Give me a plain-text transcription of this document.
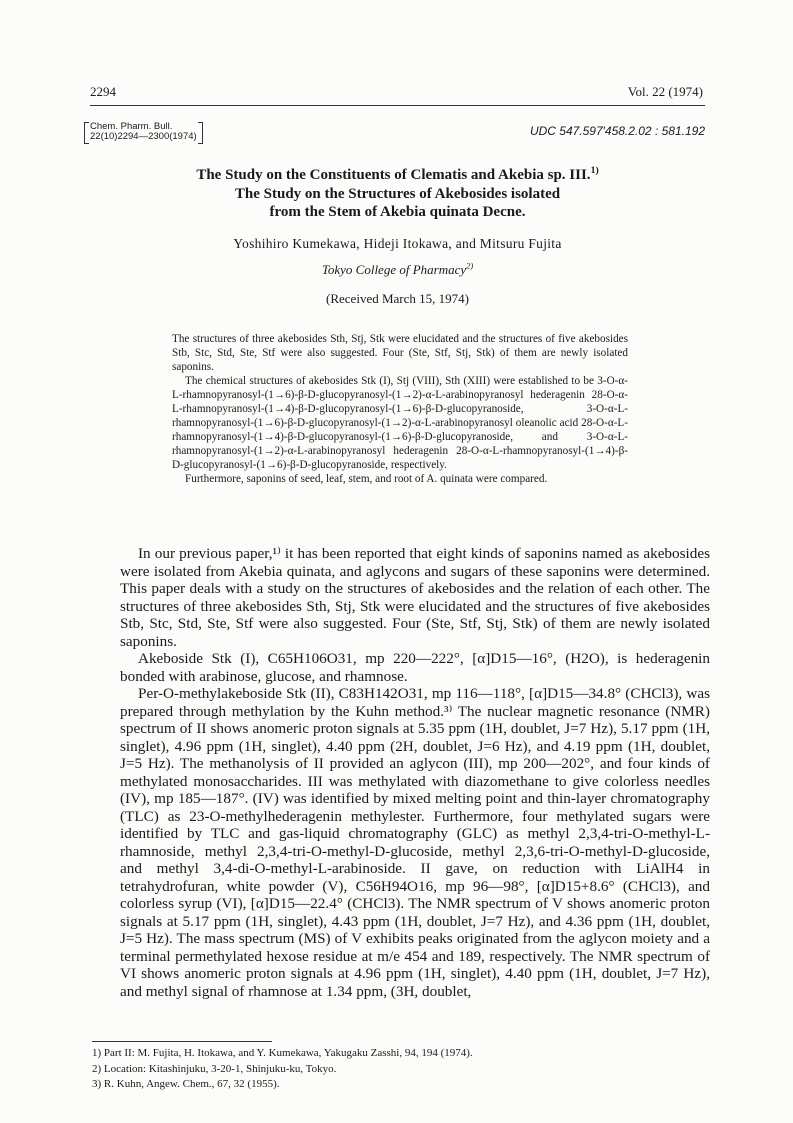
2294	Vol. 22 (1974)
Chem. Pharm. Bull.
22(10)2294—2300(1974)	UDC 547.597′458.2.02 : 581.192
The Study on the Constituents of Clematis and Akebia sp. III.$^{1)}$
The Study on the Structures of Akebosides isolated
from the Stem of Akebia quinata Decne.
Yoshihiro Kumekawa, Hideji Itokawa, and Mitsuru Fujita
Tokyo College of Pharmacy$^{2)}$
(Received March 15, 1974)

The structures of three akebosides Sth, Stj, Stk were elucidated and the structures of five akebosides Stb, Stc, Std, Ste, Stf were also suggested. Four (Ste, Stf, Stj, Stk) of them are newly isolated saponins.

The chemical structures of akebosides Stk (I), Stj (VIII), Sth (XIII) were established to be 3-O-α-L-rhamnopyranosyl-(1→6)-β-D-glucopyranosyl-(1→2)-α-L-arabinopyranosyl hederagenin 28-O-α-L-rhamnopyranosyl-(1→4)-β-D-glucopyranosyl-(1→6)-β-D-glucopyranoside, 3-O-α-L-rhamnopyranosyl-(1→6)-β-D-glucopyranosyl-(1→2)-α-L-arabinopyranosyl oleanolic acid 28-O-α-L-rhamnopyranosyl-(1→4)-β-D-glucopyranosyl-(1→6)-β-D-glucopyranoside, and 3-O-α-L-rhamnopyranosyl-(1→2)-α-L-arabinopyranosyl hederagenin 28-O-α-L-rhamnopyranosyl-(1→4)-β-D-glucopyranosyl-(1→6)-β-D-glucopyranoside, respectively.

Furthermore, saponins of seed, leaf, stem, and root of A. quinata were compared.

In our previous paper,¹⁾ it has been reported that eight kinds of saponins named as akebosides were isolated from Akebia quinata, and aglycons and sugars of these saponins were determined. This paper deals with a study on the structures of akebosides and the relation of each other. The structures of three akebosides Sth, Stj, Stk were elucidated and the structures of five akebosides Stb, Stc, Std, Ste, Stf were also suggested. Four (Ste, Stf, Stj, Stk) of them are newly isolated saponins.

Akeboside Stk (I), C65H106O31, mp 220—222°, [α]D15—16°, (H2O), is hederagenin bonded with arabinose, glucose, and rhamnose.

Per-O-methylakeboside Stk (II), C83H142O31, mp 116—118°, [α]D15—34.8° (CHCl3), was prepared through methylation by the Kuhn method.³⁾ The nuclear magnetic resonance (NMR) spectrum of II shows anomeric proton signals at 5.35 ppm (1H, doublet, J=7 Hz), 5.17 ppm (1H, singlet), 4.96 ppm (1H, singlet), 4.40 ppm (2H, doublet, J=6 Hz), and 4.19 ppm (1H, doublet, J=5 Hz). The methanolysis of II provided an aglycon (III), mp 200—202°, and four kinds of methylated monosaccharides. III was methylated with diazomethane to give colorless needles (IV), mp 185—187°. (IV) was identified by mixed melting point and thin-layer chromatography (TLC) as 23-O-methylhederagenin methylester. Furthermore, four methylated sugars were identified by TLC and gas-liquid chromatography (GLC) as methyl 2,3,4-tri-O-methyl-L-rhamnoside, methyl 2,3,4-tri-O-methyl-D-glucoside, methyl 2,3,6-tri-O-methyl-D-glucoside, and methyl 3,4-di-O-methyl-L-arabinoside. II gave, on reduction with LiAlH4 in tetrahydrofuran, white powder (V), C56H94O16, mp 96—98°, [α]D15+8.6° (CHCl3), and colorless syrup (VI), [α]D15—22.4° (CHCl3). The NMR spectrum of V shows anomeric proton signals at 5.17 ppm (1H, singlet), 4.43 ppm (1H, doublet, J=7 Hz), and 4.36 ppm (1H, doublet, J=5 Hz). The mass spectrum (MS) of V exhibits peaks originated from the aglycon moiety and a terminal permethylated hexose residue at m/e 454 and 189, respectively. The NMR spectrum of VI shows anomeric proton signals at 4.96 ppm (1H, singlet), 4.40 ppm (1H, doublet, J=7 Hz), and methyl signal of rhamnose at 1.34 ppm, (3H, doublet,

1) Part II: M. Fujita, H. Itokawa, and Y. Kumekawa, Yakugaku Zasshi, 94, 194 (1974).
2) Location: Kitashinjuku, 3-20-1, Shinjuku-ku, Tokyo.
3) R. Kuhn, Angew. Chem., 67, 32 (1955).
